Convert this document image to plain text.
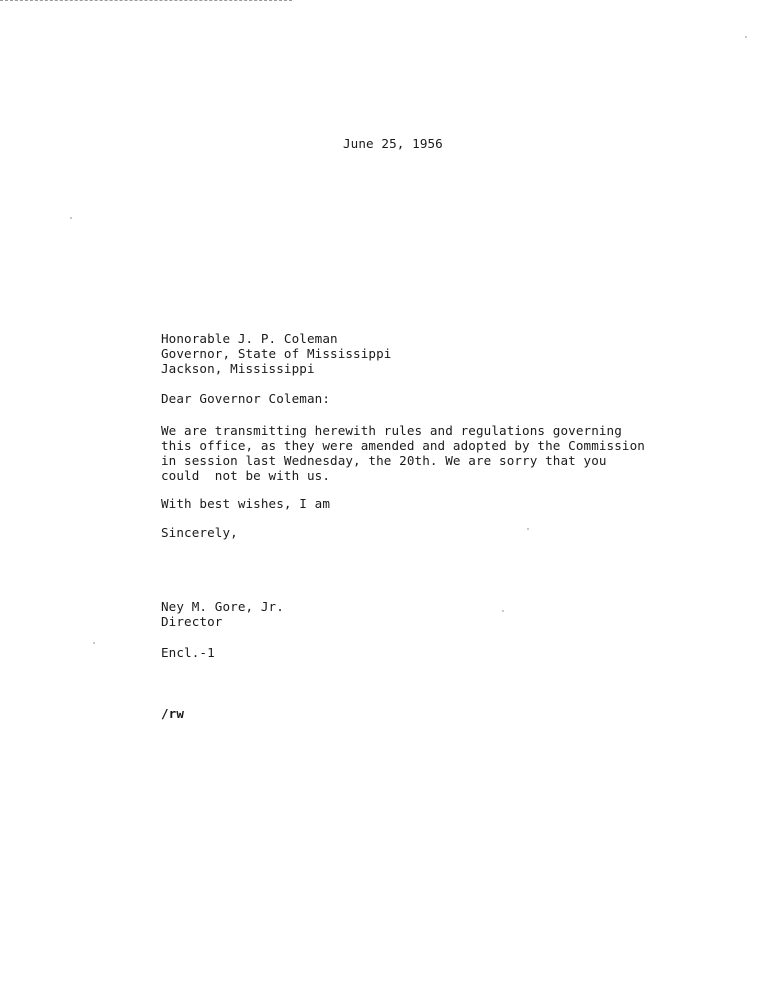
June 25, 1956

Honorable J. P. Coleman

Governor, State of Mississippi

Jackson, Mississippi

Dear Governor Coleman:

We are transmitting herewith rules and regulations governing

this office, as they were amended and adopted by the Commission

in session last Wednesday, the 20th. We are sorry that you

could  not be with us.

With best wishes, I am

Sincerely,

Ney M. Gore, Jr.

Director

Encl.-1

/rw
